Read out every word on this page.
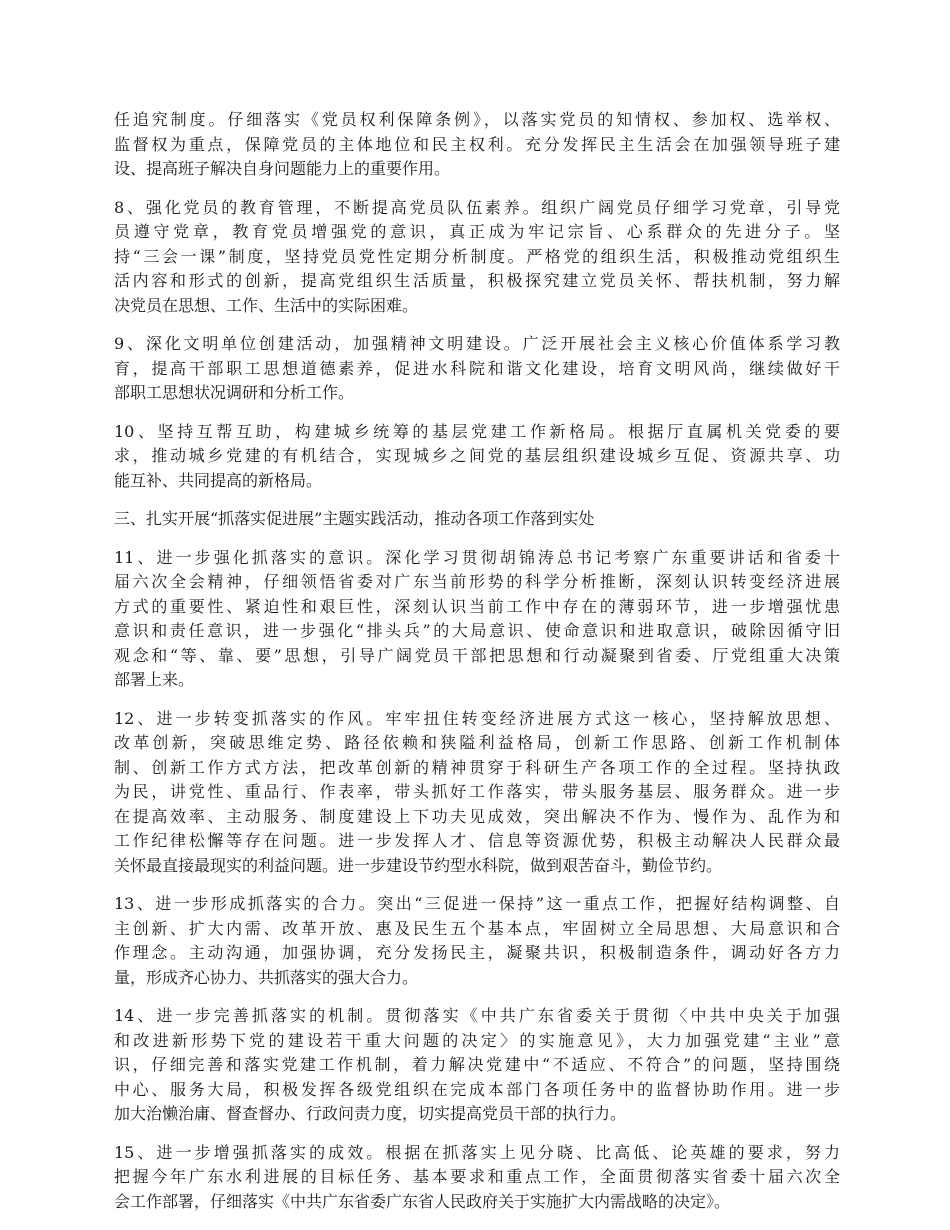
任追究制度。仔细落实《党员权利保障条例》，以落实党员的知情权、参加权、选举权、
监督权为重点，保障党员的主体地位和民主权利。充分发挥民主生活会在加强领导班子建
设、提高班子解决自身问题能力上的重要作用。
8、强化党员的教育管理，不断提高党员队伍素养。组织广阔党员仔细学习党章，引导党
员遵守党章，教育党员增强党的意识，真正成为牢记宗旨、心系群众的先进分子。坚
持“三会一课”制度，坚持党员党性定期分析制度。严格党的组织生活，积极推动党组织生
活内容和形式的创新，提高党组织生活质量，积极探究建立党员关怀、帮扶机制，努力解
决党员在思想、工作、生活中的实际困难。
9、深化文明单位创建活动，加强精神文明建设。广泛开展社会主义核心价值体系学习教
育，提高干部职工思想道德素养，促进水科院和谐文化建设，培育文明风尚，继续做好干
部职工思想状况调研和分析工作。
10、坚持互帮互助，构建城乡统筹的基层党建工作新格局。根据厅直属机关党委的要
求，推动城乡党建的有机结合，实现城乡之间党的基层组织建设城乡互促、资源共享、功
能互补、共同提高的新格局。
三、扎实开展“抓落实促进展”主题实践活动，推动各项工作落到实处
11、进一步强化抓落实的意识。深化学习贯彻胡锦涛总书记考察广东重要讲话和省委十
届六次全会精神，仔细领悟省委对广东当前形势的科学分析推断，深刻认识转变经济进展
方式的重要性、紧迫性和艰巨性，深刻认识当前工作中存在的薄弱环节，进一步增强忧患
意识和责任意识，进一步强化“排头兵”的大局意识、使命意识和进取意识，破除因循守旧
观念和“等、靠、要”思想，引导广阔党员干部把思想和行动凝聚到省委、厅党组重大决策
部署上来。
12、进一步转变抓落实的作风。牢牢扭住转变经济进展方式这一核心，坚持解放思想、
改革创新，突破思维定势、路径依赖和狭隘利益格局，创新工作思路、创新工作机制体
制、创新工作方式方法，把改革创新的精神贯穿于科研生产各项工作的全过程。坚持执政
为民，讲党性、重品行、作表率，带头抓好工作落实，带头服务基层、服务群众。进一步
在提高效率、主动服务、制度建设上下功夫见成效，突出解决不作为、慢作为、乱作为和
工作纪律松懈等存在问题。进一步发挥人才、信息等资源优势，积极主动解决人民群众最
关怀最直接最现实的利益问题。进一步建设节约型水科院，做到艰苦奋斗，勤俭节约。
13、进一步形成抓落实的合力。突出“三促进一保持”这一重点工作，把握好结构调整、自
主创新、扩大内需、改革开放、惠及民生五个基本点，牢固树立全局思想、大局意识和合
作理念。主动沟通，加强协调，充分发扬民主，凝聚共识，积极制造条件，调动好各方力
量，形成齐心协力、共抓落实的强大合力。
14、进一步完善抓落实的机制。贯彻落实《中共广东省委关于贯彻〈中共中央关于加强
和改进新形势下党的建设若干重大问题的决定〉的实施意见》，大力加强党建“主业”意
识，仔细完善和落实党建工作机制，着力解决党建中“不适应、不符合”的问题，坚持围绕
中心、服务大局，积极发挥各级党组织在完成本部门各项任务中的监督协助作用。进一步
加大治懒治庸、督查督办、行政问责力度，切实提高党员干部的执行力。
15、进一步增强抓落实的成效。根据在抓落实上见分晓、比高低、论英雄的要求，努力
把握今年广东水利进展的目标任务、基本要求和重点工作，全面贯彻落实省委十届六次全
会工作部署，仔细落实《中共广东省委广东省人民政府关于实施扩大内需战略的决定》。
